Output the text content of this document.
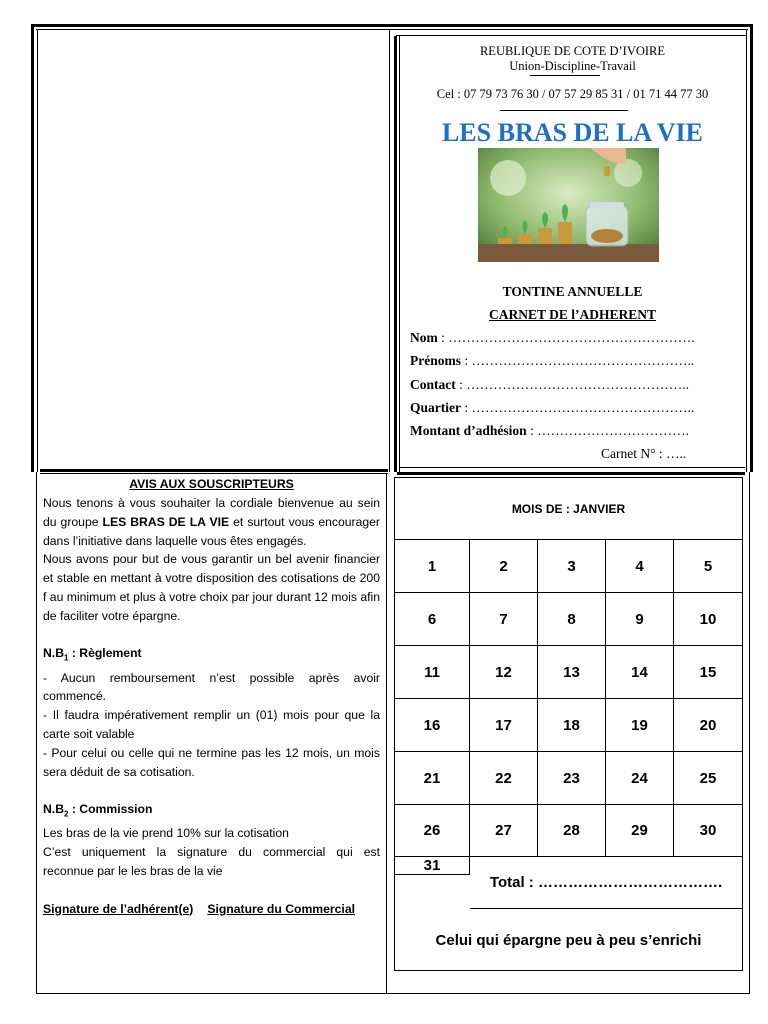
REUBLIQUE DE COTE D’IVOIRE
Union-Discipline-Travail
Cel : 07 79 73 76 30 / 07 57 29 85 31 / 01 71 44 77 30
LES BRAS DE LA VIE
TONTINE ANNUELLE
CARNET DE l’ADHERENT
Nom : ……………………………………………….
Prénoms : …………………………………………..
Contact : …………………………………………..
Quartier : …………………………………………..
Montant d’adhésion : …………………………….
Carnet N° : …..
AVIS AUX SOUSCRIPTEURS

Nous tenons à vous souhaiter la cordiale bienvenue au sein du groupe LES BRAS DE LA VIE et surtout vous encourager dans l’initiative dans laquelle vous êtes engagés.

Nous avons pour but de vous garantir un bel avenir financier et stable en mettant à votre disposition des cotisations de 200 f au minimum et plus à votre choix par jour durant 12 mois afin de faciliter votre épargne.

$N.B_1$ : Règlement

- Aucun remboursement n’est possible après avoir commencé.

- Il faudra impérativement remplir un (01) mois pour que la carte soit valable

- Pour celui ou celle qui ne termine pas les 12 mois, un mois sera déduit de sa cotisation.

$N.B_2$ : Commission

Les bras de la vie prend 10% sur la cotisation

C’est uniquement la signature du commercial qui est reconnue par le les bras de la vie

Signature de l’adhérent(e) Signature du Commercial

MOIS DE : JANVIER
1	2	3	4	5
6	7	8	9	10
11	12	13	14	15
16	17	18	19	20
21	22	23	24	25
26	27	28	29	30
31
Total : ……………………………….
Celui qui épargne peu à peu s’enrichi
